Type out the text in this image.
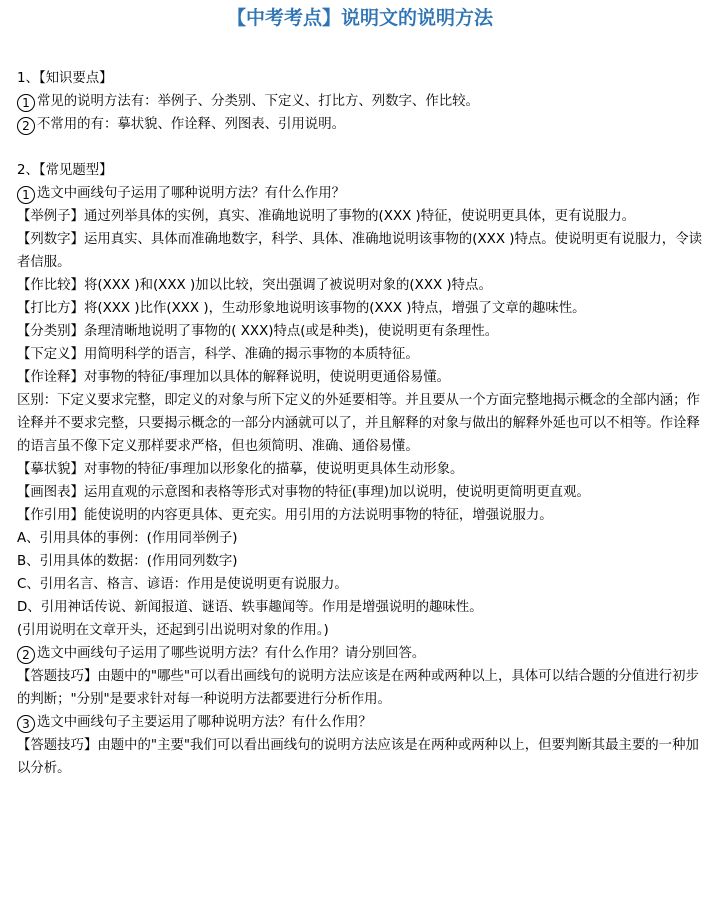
【中考考点】说明文的说明方法

1、【知识要点】

1 常见的说明方法有：举例子、分类别、下定义、打比方、列数字、作比较。

2 不常用的有：摹状貌、作诠释、列图表、引用说明。

2、【常见题型】

1 选文中画线句子运用了哪种说明方法？有什么作用？

【举例子】通过列举具体的实例，真实、准确地说明了事物的(XXX )特征，使说明更具体，更有说服力。

【列数字】运用真实、具体而准确地数字，科学、具体、准确地说明该事物的(XXX )特点。使说明更有说服力，令读者信服。

【作比较】将(XXX )和(XXX )加以比较，突出强调了被说明对象的(XXX )特点。

【打比方】将(XXX )比作(XXX )，生动形象地说明该事物的(XXX )特点，增强了文章的趣味性。

【分类别】条理清晰地说明了事物的( XXX)特点(或是种类)，使说明更有条理性。

【下定义】用简明科学的语言，科学、准确的揭示事物的本质特征。

【作诠释】对事物的特征/事理加以具体的解释说明，使说明更通俗易懂。

区别：下定义要求完整，即定义的对象与所下定义的外延要相等。并且要从一个方面完整地揭示概念的全部内涵；作诠释并不要求完整，只要揭示概念的一部分内涵就可以了，并且解释的对象与做出的解释外延也可以不相等。作诠释的语言虽不像下定义那样要求严格，但也须简明、准确、通俗易懂。

【摹状貌】对事物的特征/事理加以形象化的描摹，使说明更具体生动形象。

【画图表】运用直观的示意图和表格等形式对事物的特征(事理)加以说明，使说明更简明更直观。

【作引用】能使说明的内容更具体、更充实。用引用的方法说明事物的特征，增强说服力。

A、引用具体的事例：(作用同举例子)

B、引用具体的数据：(作用同列数字)

C、引用名言、格言、谚语：作用是使说明更有说服力。

D、引用神话传说、新闻报道、谜语、轶事趣闻等。作用是增强说明的趣味性。

(引用说明在文章开头，还起到引出说明对象的作用。)

2 选文中画线句子运用了哪些说明方法？有什么作用？请分别回答。

【答题技巧】由题中的"哪些"可以看出画线句的说明方法应该是在两种或两种以上，具体可以结合题的分值进行初步的判断；"分别"是要求针对每一种说明方法都要进行分析作用。

3 选文中画线句子主要运用了哪种说明方法？有什么作用？

【答题技巧】由题中的"主要"我们可以看出画线句的说明方法应该是在两种或两种以上，但要判断其最主要的一种加以分析。
